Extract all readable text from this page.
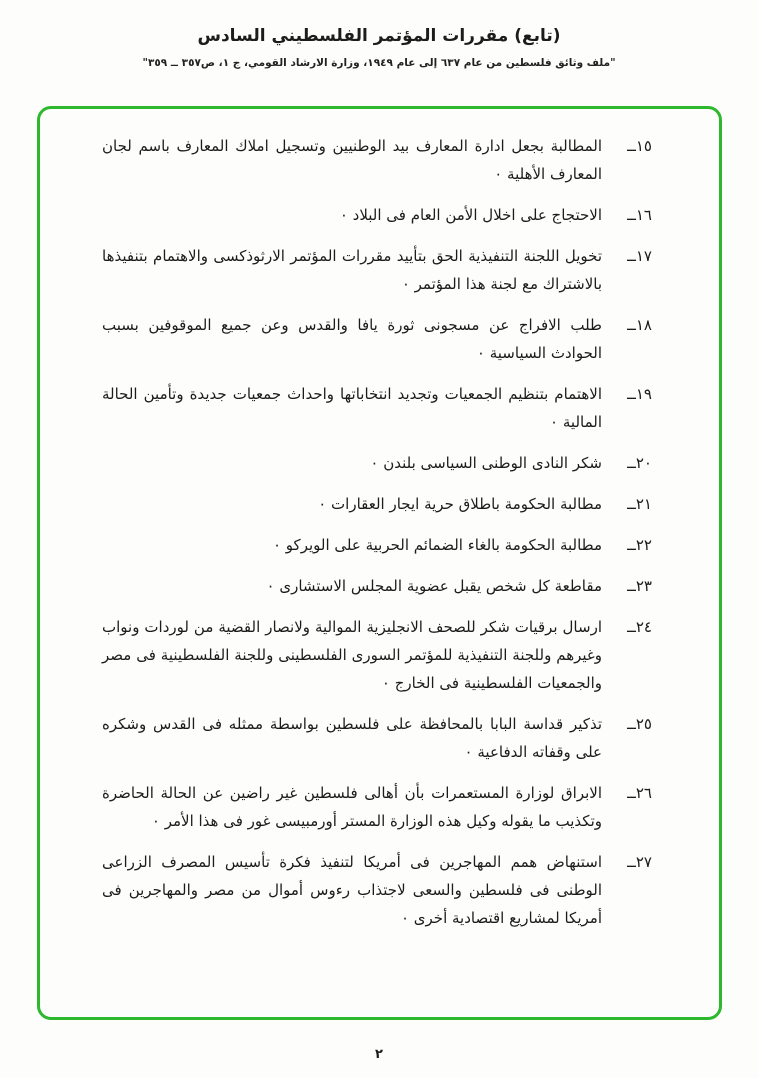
(تابع) مقررات المؤتمر الفلسطيني السادس
"ملف وثائق فلسطين من عام ٦٣٧ إلى عام ١٩٤٩، وزارة الارشاد القومي، ج ١، ص٣٥٧ ــ ٣٥٩"
١٥ــ
المطالبة بجعل ادارة المعارف بيد الوطنيين وتسجيل املاك المعارف باسم لجان المعارف الأهلية ٠
١٦ــ
الاحتجاج على اخلال الأمن العام فى البلاد ٠
١٧ــ
تخويل اللجنة التنفيذية الحق بتأييد مقررات المؤتمر الارثوذكسى والاهتمام بتنفيذها بالاشتراك مع لجنة هذا المؤتمر ٠
١٨ــ
طلب الافراج عن مسجونى ثورة يافا والقدس وعن جميع الموقوفين بسبب الحوادث السياسية ٠
١٩ــ
الاهتمام بتنظيم الجمعيات وتجديد انتخاباتها واحداث جمعيات جديدة وتأمين الحالة المالية ٠
٢٠ــ
شكر النادى الوطنى السياسى بلندن ٠
٢١ــ
مطالبة الحكومة باطلاق حرية ايجار العقارات ٠
٢٢ــ
مطالبة الحكومة بالغاء الضمائم الحربية على الويركو ٠
٢٣ــ
مقاطعة كل شخص يقبل عضوية المجلس الاستشارى ٠
٢٤ــ
ارسال برقيات شكر للصحف الانجليزية الموالية ولانصار القضية من لوردات ونواب وغيرهم وللجنة التنفيذية للمؤتمر السورى الفلسطينى وللجنة الفلسطينية فى مصر والجمعيات الفلسطينية فى الخارج ٠
٢٥ــ
تذكير قداسة البابا بالمحافظة على فلسطين بواسطة ممثله فى القدس وشكره على وقفاته الدفاعية ٠
٢٦ــ
الابراق لوزارة المستعمرات بأن أهالى فلسطين غير راضين عن الحالة الحاضرة وتكذيب ما يقوله وكيل هذه الوزارة المستر أورمبيسى غور فى هذا الأمر ٠
٢٧ــ
استنهاض همم المهاجرين فى أمريكا لتنفيذ فكرة تأسيس المصرف الزراعى الوطنى فى فلسطين والسعى لاجتذاب رءوس أموال من مصر والمهاجرين فى أمريكا لمشاريع اقتصادية أخرى ٠
٢
